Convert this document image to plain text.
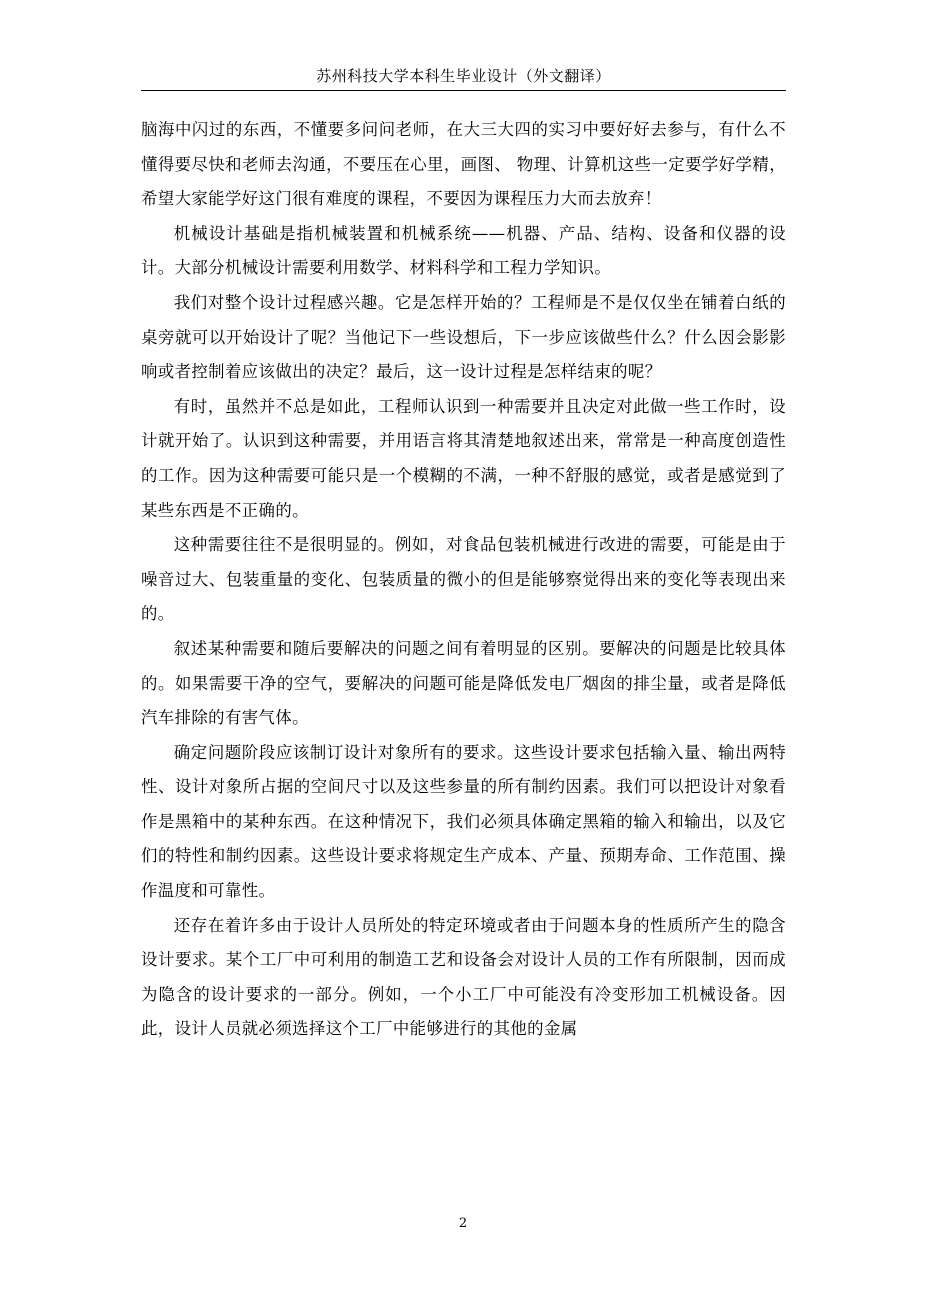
苏州科技大学本科生毕业设计（外文翻译）

脑海中闪过的东西，不懂要多问问老师，在大三大四的实习中要好好去参与，有什么不懂得要尽快和老师去沟通，不要压在心里，画图、 物理、计算机这些一定要学好学精，希望大家能学好这门很有难度的课程，不要因为课程压力大而去放弃！

机械设计基础是指机械装置和机械系统——机器、产品、结构、设备和仪器的设计。大部分机械设计需要利用数学、材料科学和工程力学知识。

我们对整个设计过程感兴趣。它是怎样开始的？工程师是不是仅仅坐在铺着白纸的桌旁就可以开始设计了呢？当他记下一些设想后，下一步应该做些什么？什么因会影影响或者控制着应该做出的决定？最后，这一设计过程是怎样结束的呢？

有时，虽然并不总是如此，工程师认识到一种需要并且决定对此做一些工作时，设计就开始了。认识到这种需要，并用语言将其清楚地叙述出来，常常是一种高度创造性的工作。因为这种需要可能只是一个模糊的不满，一种不舒服的感觉，或者是感觉到了某些东西是不正确的。

这种需要往往不是很明显的。例如，对食品包装机械进行改进的需要，可能是由于噪音过大、包装重量的变化、包装质量的微小的但是能够察觉得出来的变化等表现出来的。

叙述某种需要和随后要解决的问题之间有着明显的区别。要解决的问题是比较具体的。如果需要干净的空气，要解决的问题可能是降低发电厂烟囱的排尘量，或者是降低汽车排除的有害气体。

确定问题阶段应该制订设计对象所有的要求。这些设计要求包括输入量、输出两特性、设计对象所占据的空间尺寸以及这些参量的所有制约因素。我们可以把设计对象看作是黑箱中的某种东西。在这种情况下，我们必须具体确定黑箱的输入和输出，以及它们的特性和制约因素。这些设计要求将规定生产成本、产量、预期寿命、工作范围、操作温度和可靠性。

还存在着许多由于设计人员所处的特定环境或者由于问题本身的性质所产生的隐含设计要求。某个工厂中可利用的制造工艺和设备会对设计人员的工作有所限制，因而成为隐含的设计要求的一部分。例如，一个小工厂中可能没有冷变形加工机械设备。因此，设计人员就必须选择这个工厂中能够进行的其他的金属

2
